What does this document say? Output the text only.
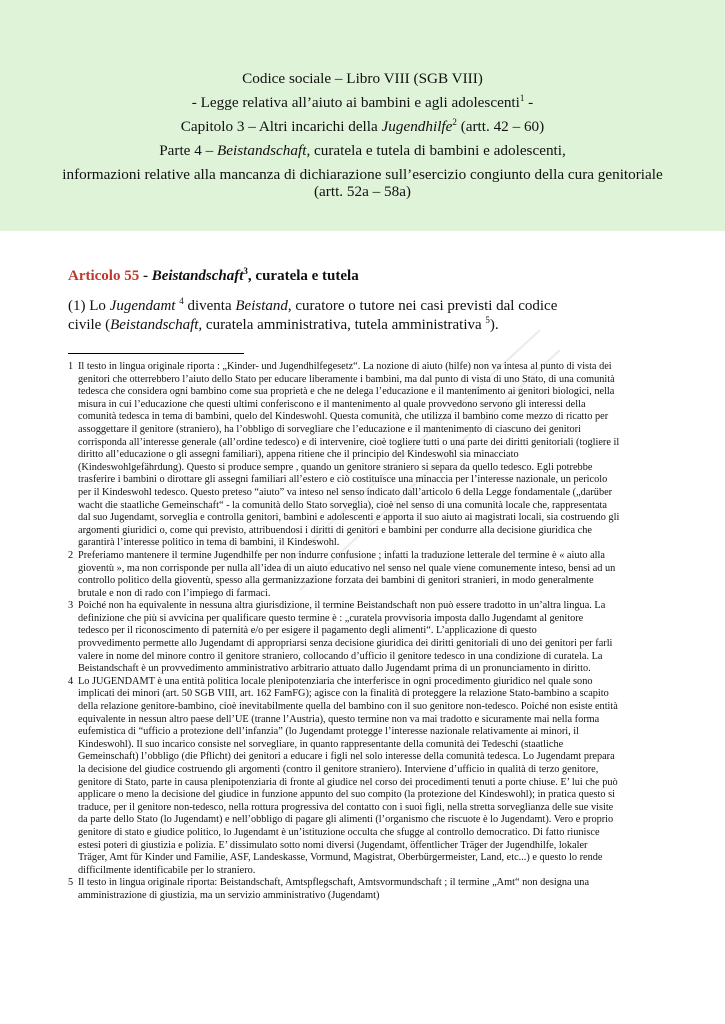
Codice sociale – Libro VIII (SGB VIII)
- Legge relativa all’aiuto ai bambini e agli adolescenti$^1$ -
Capitolo 3 – Altri incarichi della Jugendhilfe$^2$ (artt. 42 – 60)
Parte 4 – Beistandschaft, curatela e tutela di bambini e adolescenti,
informazioni relative alla mancanza di dichiarazione sull’esercizio congiunto della cura genitoriale
(artt. 52a – 58a)
Articolo 55 - Beistandschaft$^3$, curatela e tutela

(1) Lo Jugendamt $^4$ diventa Beistand, curatore o tutore nei casi previsti dal codice

civile (Beistandschaft, curatela amministrativa, tutela amministrativa $^5$).

1 Il testo in lingua originale riporta : „Kinder- und Jugendhilfegesetz“. La nozione di aiuto (hilfe) non va intesa al punto di vista dei
genitori che otterrebbero l’aiuto dello Stato per educare liberamente i bambini, ma dal punto di vista di uno Stato, di una comunità
tedesca che considera ogni bambino come sua proprietà e che ne delega l’educazione e il mantenimento ai genitori biologici, nella
misura in cui l’educazione che questi ultimi conferiscono e il mantenimento al quale provvedono servono gli interessi della
comunità tedesca in tema di bambini, quelo del Kindeswohl. Questa comunità, che utilizza il bambino come mezzo di ricatto per
assoggettare il genitore (straniero), ha l’obbligo di sorvegliare che l’educazione e il mantenimento di ciascuno dei genitori
corrisponda all’interesse generale (all’ordine tedesco) e di intervenire, cioè togliere tutti o una parte dei diritti genitoriali (togliere il
diritto all’educazione o gli assegni familiari), appena ritiene che il principio del Kindeswohl sia minacciato
(Kindeswohlgefährdung). Questo si produce sempre , quando un genitore straniero si separa da quello tedesco. Egli potrebbe
trasferire i bambini o dirottare gli assegni familiari all’estero e ciò costituisce una minaccia per l’interesse nazionale, un pericolo
per il Kindeswohl tedesco. Questo preteso “aiuto” va inteso nel senso indicato dall’articolo 6 della Legge fondamentale („darüber
wacht die staatliche Gemeinschaft“ - la comunità dello Stato sorveglia), cioè nel senso di una comunità locale che, rappresentata
dal suo Jugendamt, sorveglia e controlla genitori, bambini e adolescenti e apporta il suo aiuto ai magistrati locali, sia costruendo gli
argomenti giuridici o, come qui previsto, attribuendosi i diritti di genitori e bambini per condurre alla decisione giuridica che
garantirà l’interesse politico in tema di bambini, il Kindeswohl.
2 Preferiamo mantenere il termine Jugendhilfe per non indurre confusione ; infatti la traduzione letterale del termine è « aiuto alla
gioventù », ma non corrisponde per nulla all’idea di un aiuto educativo nel senso nel quale viene comunemente inteso, bensì ad un
controllo politico della gioventù, spesso alla germanizzazione forzata dei bambini di genitori stranieri, in modo generalmente
brutale e non di rado con l’impiego di farmaci.
3 Poiché non ha equivalente in nessuna altra giurisdizione, il termine Beistandschaft non può essere tradotto in un’altra lingua. La
definizione che più si avvicina per qualificare questo termine è : „curatela provvisoria imposta dallo Jugendamt al genitore
tedesco per il riconoscimento di paternità e/o per esigere il pagamento degli alimenti“. L’applicazione di questo
provvedimento permette allo Jugendamt di appropriarsi senza decisione giuridica dei diritti genitoriali di uno dei genitori per farli
valere in nome del minore contro il genitore straniero, collocando d’ufficio il genitore tedesco in una condizione di curatela. La
Beistandschaft è un provvedimento amministrativo arbitrario attuato dallo Jugendamt prima di un pronunciamento in diritto.
4 Lo JUGENDAMT è una entità politica locale plenipotenziaria che interferisce in ogni procedimento giuridico nel quale sono
implicati dei minori (art. 50 SGB VIII, art. 162 FamFG); agisce con la finalità di proteggere la relazione Stato-bambino a scapito
della relazione genitore-bambino, cioè inevitabilmente quella del bambino con il suo genitore non-tedesco. Poiché non esiste entità
equivalente in nessun altro paese dell’UE (tranne l’Austria), questo termine non va mai tradotto e sicuramente mai nella forma
eufemistica di “ufficio a protezione dell’infanzia” (lo Jugendamt protegge l’interesse nazionale relativamente ai minori, il
Kindeswohl). Il suo incarico consiste nel sorvegliare, in quanto rappresentante della comunità dei Tedeschi (staatliche
Gemeinschaft) l’obbligo (die Pflicht) dei genitori a educare i figli nel solo interesse della comunità tedesca. Lo Jugendamt prepara
la decisione del giudice costruendo gli argomenti (contro il genitore straniero). Interviene d’ufficio in qualità di terzo genitore,
genitore di Stato, parte in causa plenipotenziaria di fronte al giudice nel corso dei procedimenti tenuti a porte chiuse. E’ lui che può
applicare o meno la decisione del giudice in funzione appunto del suo compito (la protezione del Kindeswohl); in pratica questo si
traduce, per il genitore non-tedesco, nella rottura progressiva del contatto con i suoi figli, nella stretta sorveglianza delle sue visite
da parte dello Stato (lo Jugendamt) e nell’obbligo di pagare gli alimenti (l’organismo che riscuote è lo Jugendamt). Vero e proprio
genitore di stato e giudice politico, lo Jugendamt è un’istituzione occulta che sfugge al controllo democratico. Di fatto riunisce
estesi poteri di giustizia e polizia. E’ dissimulato sotto nomi diversi (Jugendamt, öffentlicher Träger der Jugendhilfe, lokaler
Träger, Amt für Kinder und Familie, ASF, Landeskasse, Vormund, Magistrat, Oberbürgermeister, Land, etc...) e questo lo rende
difficilmente identificabile per lo straniero.
5 Il testo in lingua originale riporta: Beistandschaft, Amtspflegschaft, Amtsvormundschaft ; il termine „Amt“ non designa una
amministrazione di giustizia, ma un servizio amministrativo (Jugendamt)
